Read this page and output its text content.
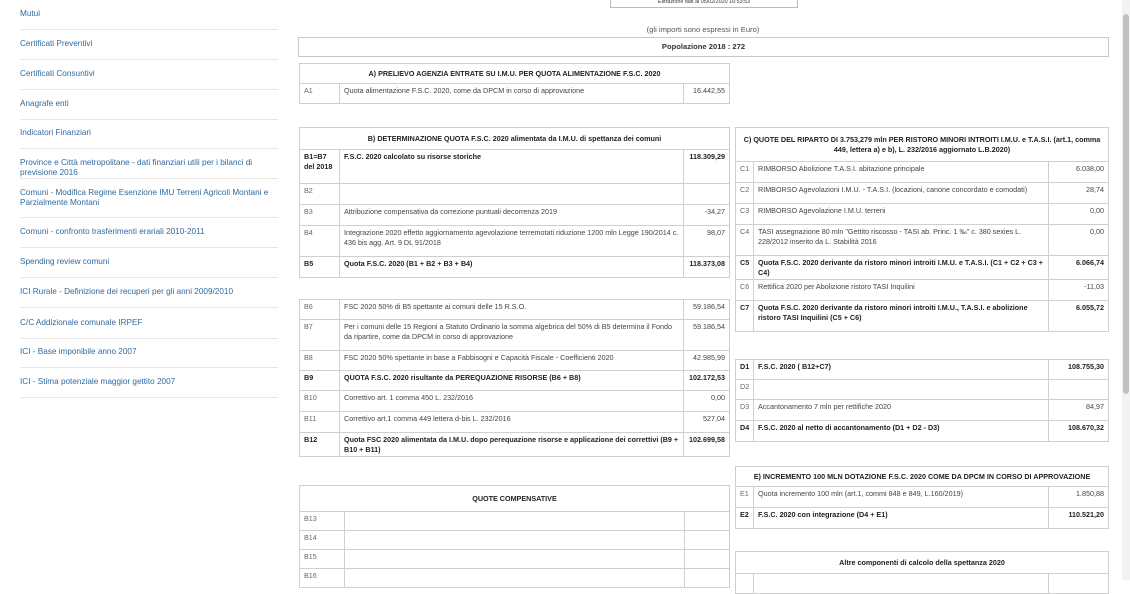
Mutui
Certificati Preventivi
Certificati Consuntivi
Anagrafe enti
Indicatori Finanziari
Province e Città metropolitane - dati finanziari utili per i bilanci di previsione 2016
Comuni - Modifica Regime Esenzione IMU Terreni Agricoli Montani e Parzialmente Montani
Comuni - confronto trasferimenti erariali 2010-2011
Spending review comuni
ICI Rurale - Definizione dei recuperi per gli anni 2009/2010
C/C Addizionale comunale IRPEF
ICI - Base imponibile anno 2007
ICI - Stima potenziale maggior gettito 2007
Estrazione dati al 05/02/2020 16:53:53
(gli importi sono espressi in Euro)
Popolazione 2018 : 272
A) PRELIEVO AGENZIA ENTRATE SU I.M.U. PER QUOTA ALIMENTAZIONE F.S.C. 2020
A1	Quota alimentazione F.S.C. 2020, come da DPCM in corso di approvazione	16.442,55
B) DETERMINAZIONE QUOTA F.S.C. 2020 alimentata da I.M.U. di spettanza dei comuni		
B1=B7 del 2018	F.S.C. 2020 calcolato su risorse storiche	118.309,29
B2		
B3	Attribuzione compensativa da correzione puntuali decorrenza 2019	-34,27
B4	Integrazione 2020 effetto aggiornamento agevolazione terremotati riduzione 1200 mln Legge 190/2014 c. 436 bis agg. Art. 9 DL 91/2018	98,07
B5	Quota F.S.C. 2020 (B1 + B2 + B3 + B4)	118.373,08

B6	FSC 2020 50% di B5 spettante ai comuni delle 15 R.S.O.	59.186,54
B7	Per i comuni delle 15 Regioni a Statuto Ordinario la somma algebrica del 50% di B5 determina il Fondo da ripartire, come da DPCM in corso di approvazione	59.186,54
B8	FSC 2020 50% spettante in base a Fabbisogni e Capacità Fiscale - Coefficienti 2020	42.985,99
B9	QUOTA F.S.C. 2020 risultante da PEREQUAZIONE RISORSE (B6 + B8)	102.172,53
B10	Correttivo art. 1 comma 450 L. 232/2016	0,00
B11	Correttivo art.1 comma 449 lettera d-bis L. 232/2016	527,04
B12	Quota FSC 2020 alimentata da I.M.U. dopo perequazione risorse e applicazione dei correttivi (B9 + B10 + B11)	102.699,58
C) QUOTE DEL RIPARTO DI 3.753,279 mln PER RISTORO MINORI INTROITI I.M.U. e T.A.S.I. (art.1, comma 449, lettera a) e b), L. 232/2016 aggiornato L.B.2020)		
C1	RIMBORSO Abolizione T.A.S.I. abitazione principale	6.038,00
C2	RIMBORSO Agevolazioni I.M.U. - T.A.S.I. (locazioni, canone concordato e comodati)	28,74
C3	RIMBORSO Agevolazione I.M.U. terreni	0,00
C4	TASI assegnazione 80 mln "Gettito riscosso - TASI ab. Princ. 1 ‰" c. 380 sexies L. 228/2012 inserito da L. Stabilità 2016	0,00
C5	Quota F.S.C. 2020 derivante da ristoro minori introiti I.M.U. e T.A.S.I. (C1 + C2 + C3 + C4)	6.066,74
C6	Rettifica 2020 per Abolizione ristoro TASI Inquilini	-11,03
C7	Quota F.S.C. 2020 derivante da ristoro minori introiti I.M.U., T.A.S.I. e abolizione ristoro TASI Inquilini (C5 + C6)	6.055,72
D1	F.S.C. 2020 ( B12+C7)	108.755,30
D2		
D3	Accantonamento 7 mln per rettifiche 2020	84,97
D4	F.S.C. 2020 al netto di accantonamento (D1 + D2 - D3)	108.670,32
E) INCREMENTO 100 MLN DOTAZIONE F.S.C. 2020 COME DA DPCM IN CORSO DI APPROVAZIONE		
E1	Quota incremento 100 mln (art.1, commi 848 e 849, L.160/2019)	1.850,88
E2	F.S.C. 2020 con integrazione (D4 + E1)	110.521,20
QUOTE COMPENSATIVE		
B13		
B14		
B15		
B16		
Altre componenti di calcolo della spettanza 2020
